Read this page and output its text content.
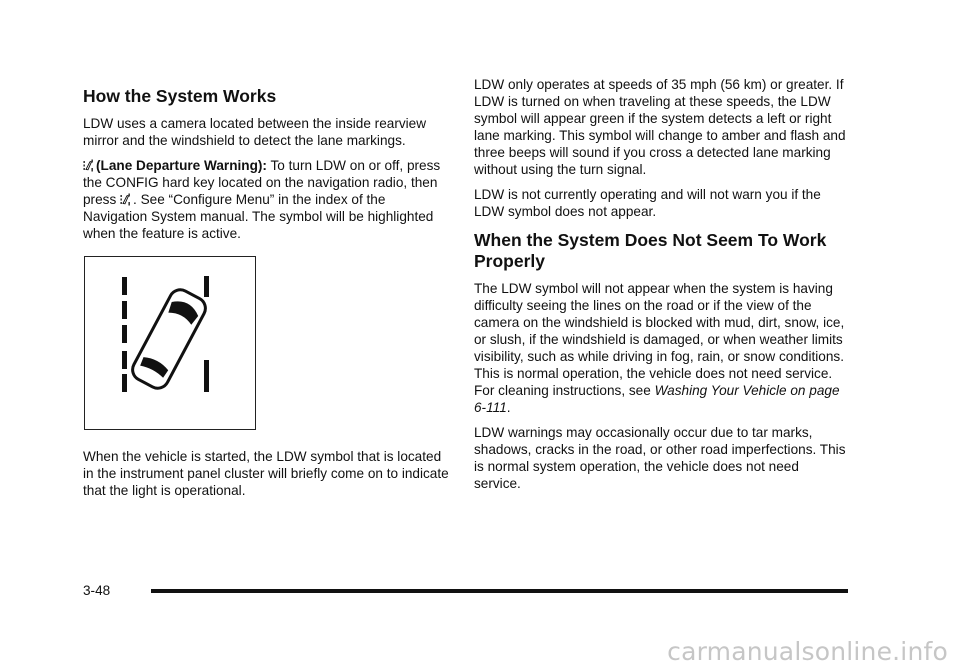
How the System Works

LDW uses a camera located between the inside rearview mirror and the windshield to detect the lane markings.

(Lane Departure Warning): To turn LDW on or off, press the CONFIG hard key located on the navigation radio, then press . See “Configure Menu” in the index of the Navigation System manual. The symbol will be highlighted when the feature is active.

When the vehicle is started, the LDW symbol that is located in the instrument panel cluster will briefly come on to indicate that the light is operational.

LDW only operates at speeds of 35 mph (56 km) or greater. If LDW is turned on when traveling at these speeds, the LDW symbol will appear green if the system detects a left or right lane marking. This symbol will change to amber and flash and three beeps will sound if you cross a detected lane marking without using the turn signal.

LDW is not currently operating and will not warn you if the LDW symbol does not appear.

When the System Does Not Seem To Work Properly

The LDW symbol will not appear when the system is having difficulty seeing the lines on the road or if the view of the camera on the windshield is blocked with mud, dirt, snow, ice, or slush, if the windshield is damaged, or when weather limits visibility, such as while driving in fog, rain, or snow conditions. This is normal operation, the vehicle does not need service. For cleaning instructions, see Washing Your Vehicle on page 6-111.

LDW warnings may occasionally occur due to tar marks, shadows, cracks in the road, or other road imperfections. This is normal system operation, the vehicle does not need service.

3-48
carmanualsonline.info
